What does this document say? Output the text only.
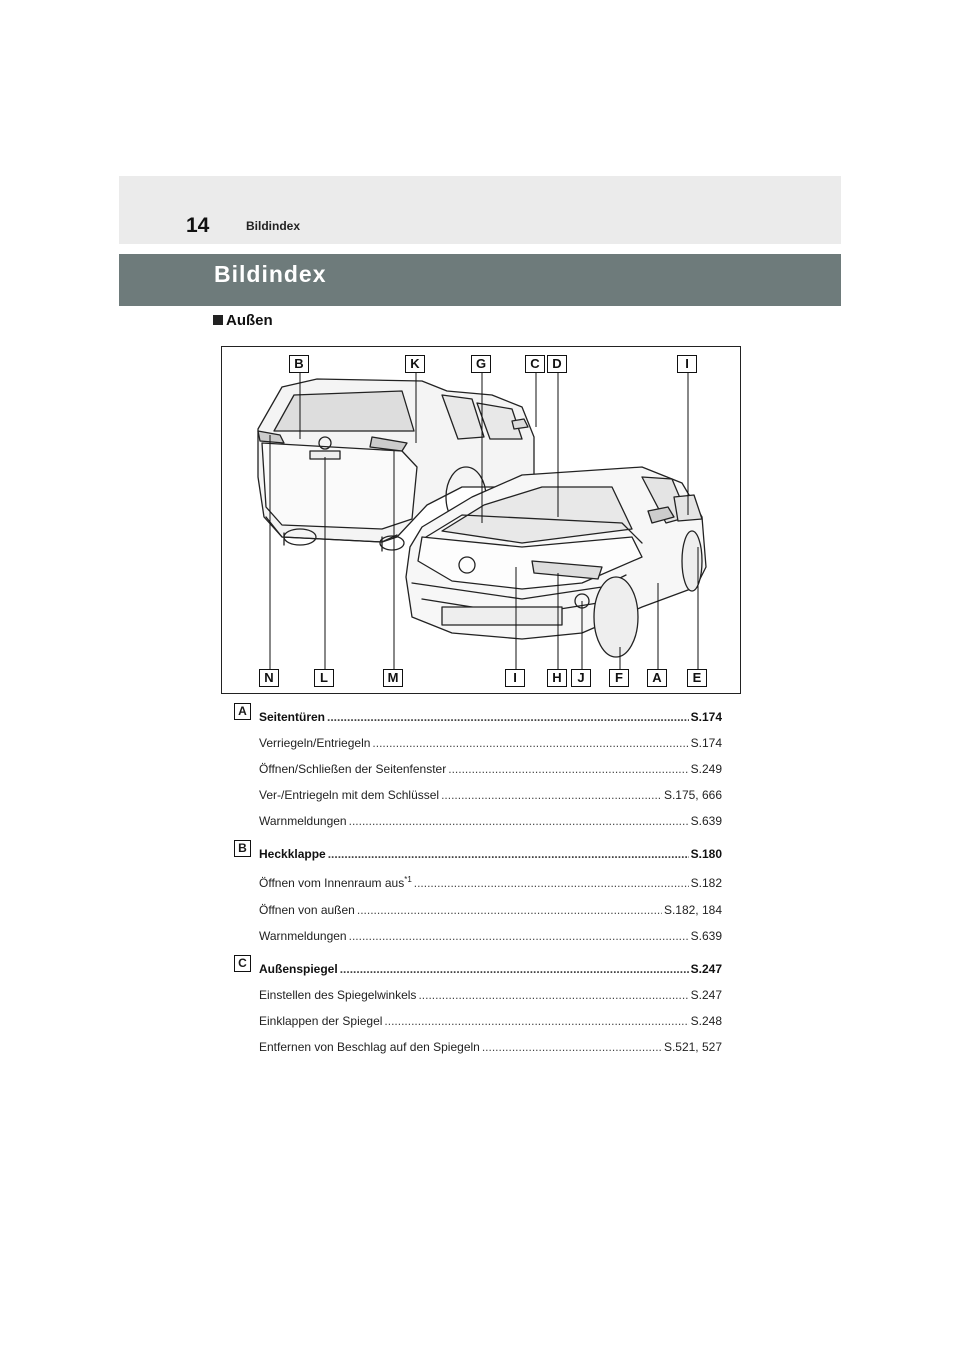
14	Bildindex
Bildindex
Außen
B	K	G	C D	I
N	L	M	I	H	J	F	A	E
A	Seitentüren .....	S.174
Verriegeln/Entriegeln .....	S.174
Öffnen/Schließen der Seitenfenster .....	S.249
Ver-/Entriegeln mit dem Schlüssel .....	S.175, 666
Warnmeldungen .....	S.639
B	Heckklappe .....	S.180
Öffnen vom Innenraum aus$^{*1}$ .....	S.182
Öffnen von außen .....	S.182, 184
Warnmeldungen .....	S.639
C	Außenspiegel .....	S.247
Einstellen des Spiegelwinkels .....	S.247
Einklappen der Spiegel .....	S.248
Entfernen von Beschlag auf den Spiegeln .....	S.521, 527
